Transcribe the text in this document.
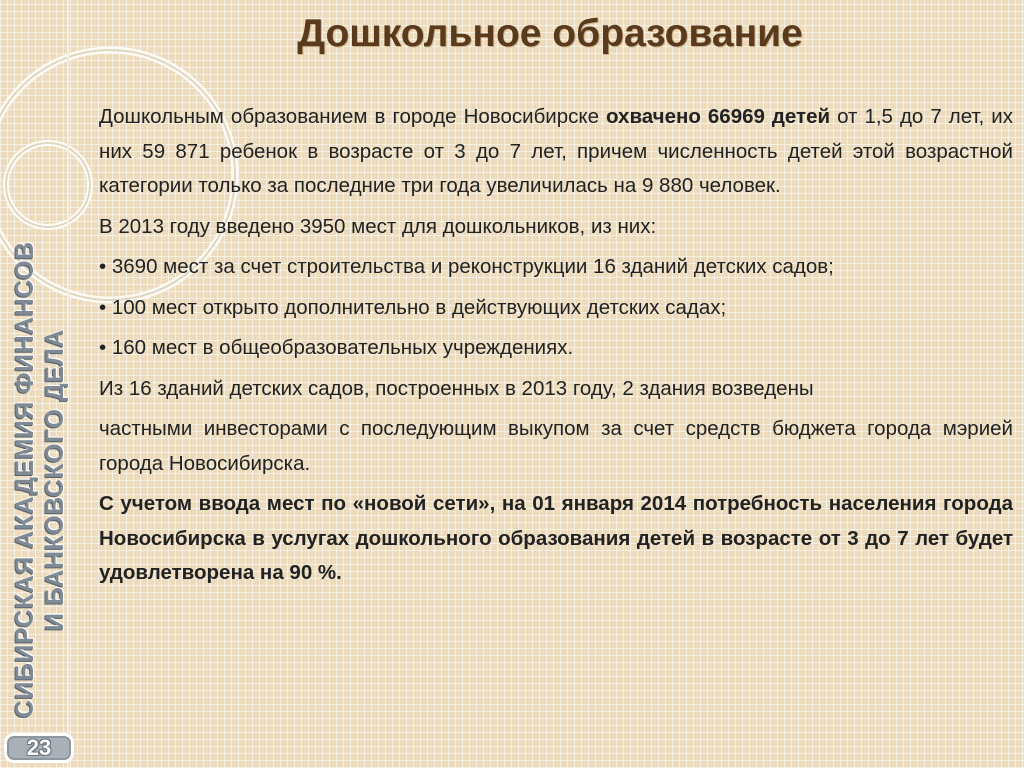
СИБИРСКАЯ АКАДЕМИЯ ФИНАНСОВ И БАНКОВСКОГО ДЕЛА
23
Дошкольное образование

Дошкольным образованием в городе Новосибирске охвачено 66969 детей от 1,5 до 7 лет, их них 59 871 ребенок в возрасте от 3 до 7 лет, причем численность детей этой возрастной категории только за последние три года увеличилась на 9 880 человек.

В 2013 году введено 3950 мест для дошкольников, из них:

• 3690 мест за счет строительства и реконструкции 16 зданий детских садов;

• 100 мест открыто дополнительно в действующих детских садах;

• 160 мест в общеобразовательных учреждениях.

Из 16 зданий детских садов, построенных в 2013 году, 2 здания возведены

частными инвесторами с последующим выкупом за счет средств бюджета города мэрией города Новосибирска.

С учетом ввода мест по «новой сети», на 01 января 2014 потребность населения города Новосибирска в услугах дошкольного образования детей в возрасте от 3 до 7 лет будет удовлетворена на 90 %.
